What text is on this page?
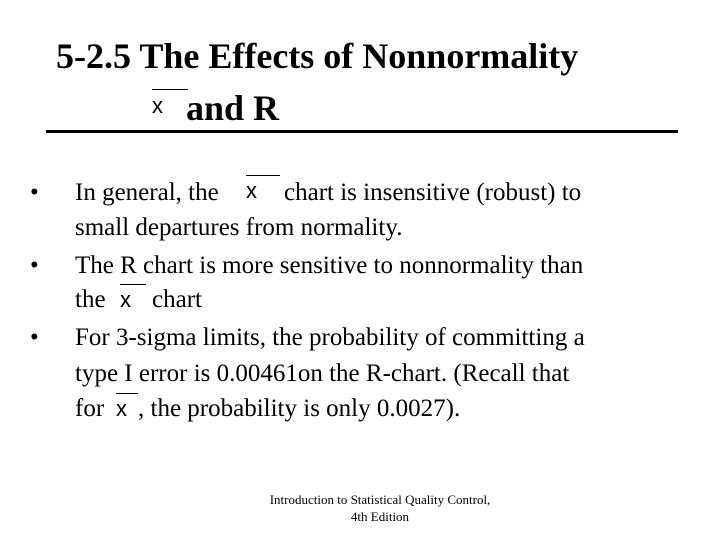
5-2.5 The Effects of Nonnormality
x and R
• In general, the x	chart is insensitive (robust) to
small departures from normality.
• The R chart is more sensitive to nonnormality than
the x chart
• For 3-sigma limits, the probability of committing a
type I error is 0.00461on the R-chart. (Recall that
for x , the probability is only 0.0027).
Introduction to Statistical Quality Control,
4th Edition
